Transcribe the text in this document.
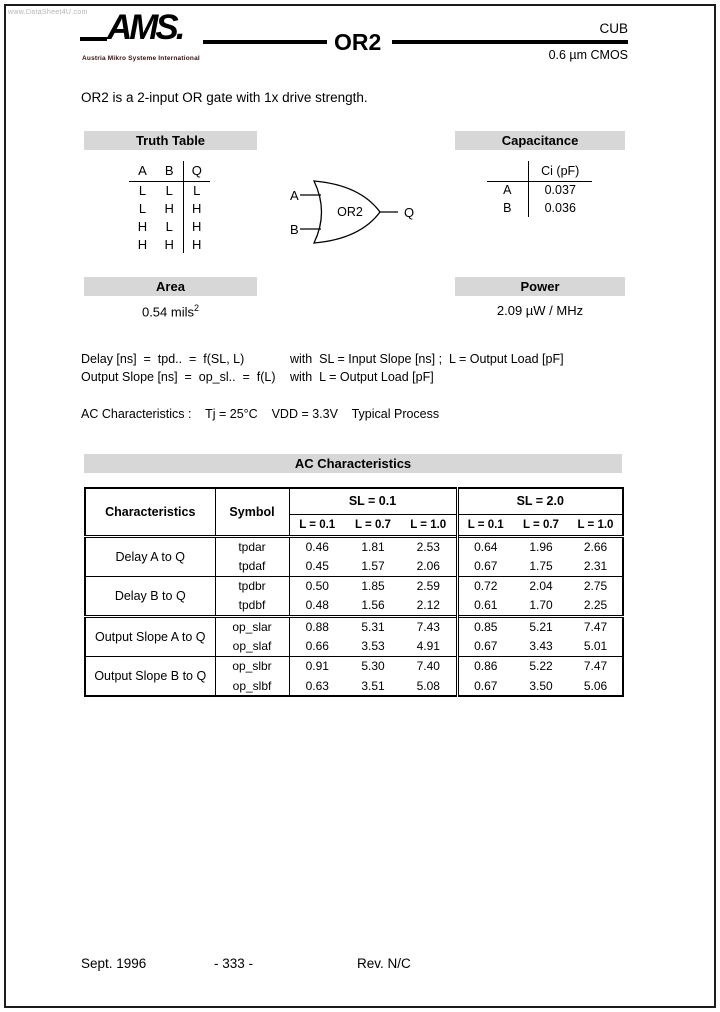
www.DataSheet4U.com AMS.
Austria Mikro Systeme International
OR2
CUB
0.6 µm CMOS
OR2 is a 2-input OR gate with 1x drive strength.
Truth Table	Capacitance
Area	Power
AC Characteristics
A	B	Q
L	L	L
L	H	H
H	L	H
H	H	H
A
B
Q
OR2
	Ci (pF)
A	0.037
B	0.036
0.54 mils$^2$	2.09 µW / MHz
Delay [ns]  =  tpd..  =  f(SL, L)	with  SL = Input Slope [ns] ;  L = Output Load [pF]
Output Slope [ns]  =  op_sl..  =  f(L) with  L = Output Load [pF]
AC Characteristics :    Tj = 25°C    VDD = 3.3V    Typical Process
Characteristics	Symbol	SL = 0.1			SL = 2.0		
		L = 0.1	L = 0.7	L = 1.0	L = 0.1	L = 0.7	L = 1.0
Delay A to Q	tpdar	0.46	1.81	2.53	0.64	1.96	2.66
	tpdaf	0.45	1.57	2.06	0.67	1.75	2.31
Delay B to Q	tpdbr	0.50	1.85	2.59	0.72	2.04	2.75
	tpdbf	0.48	1.56	2.12	0.61	1.70	2.25
Output Slope A to Q	op_slar	0.88	5.31	7.43	0.85	5.21	7.47
	op_slaf	0.66	3.53	4.91	0.67	3.43	5.01
Output Slope B to Q	op_slbr	0.91	5.30	7.40	0.86	5.22	7.47
	op_slbf	0.63	3.51	5.08	0.67	3.50	5.06
Sept. 1996	- 333 -	Rev. N/C
